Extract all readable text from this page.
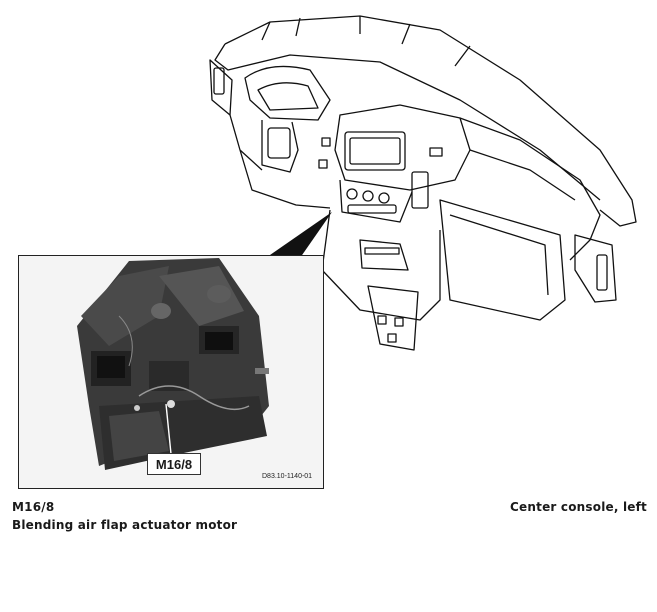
M16/8
D83.10-1140-01
M16/8
Blending air flap actuator motor
Center console, left
